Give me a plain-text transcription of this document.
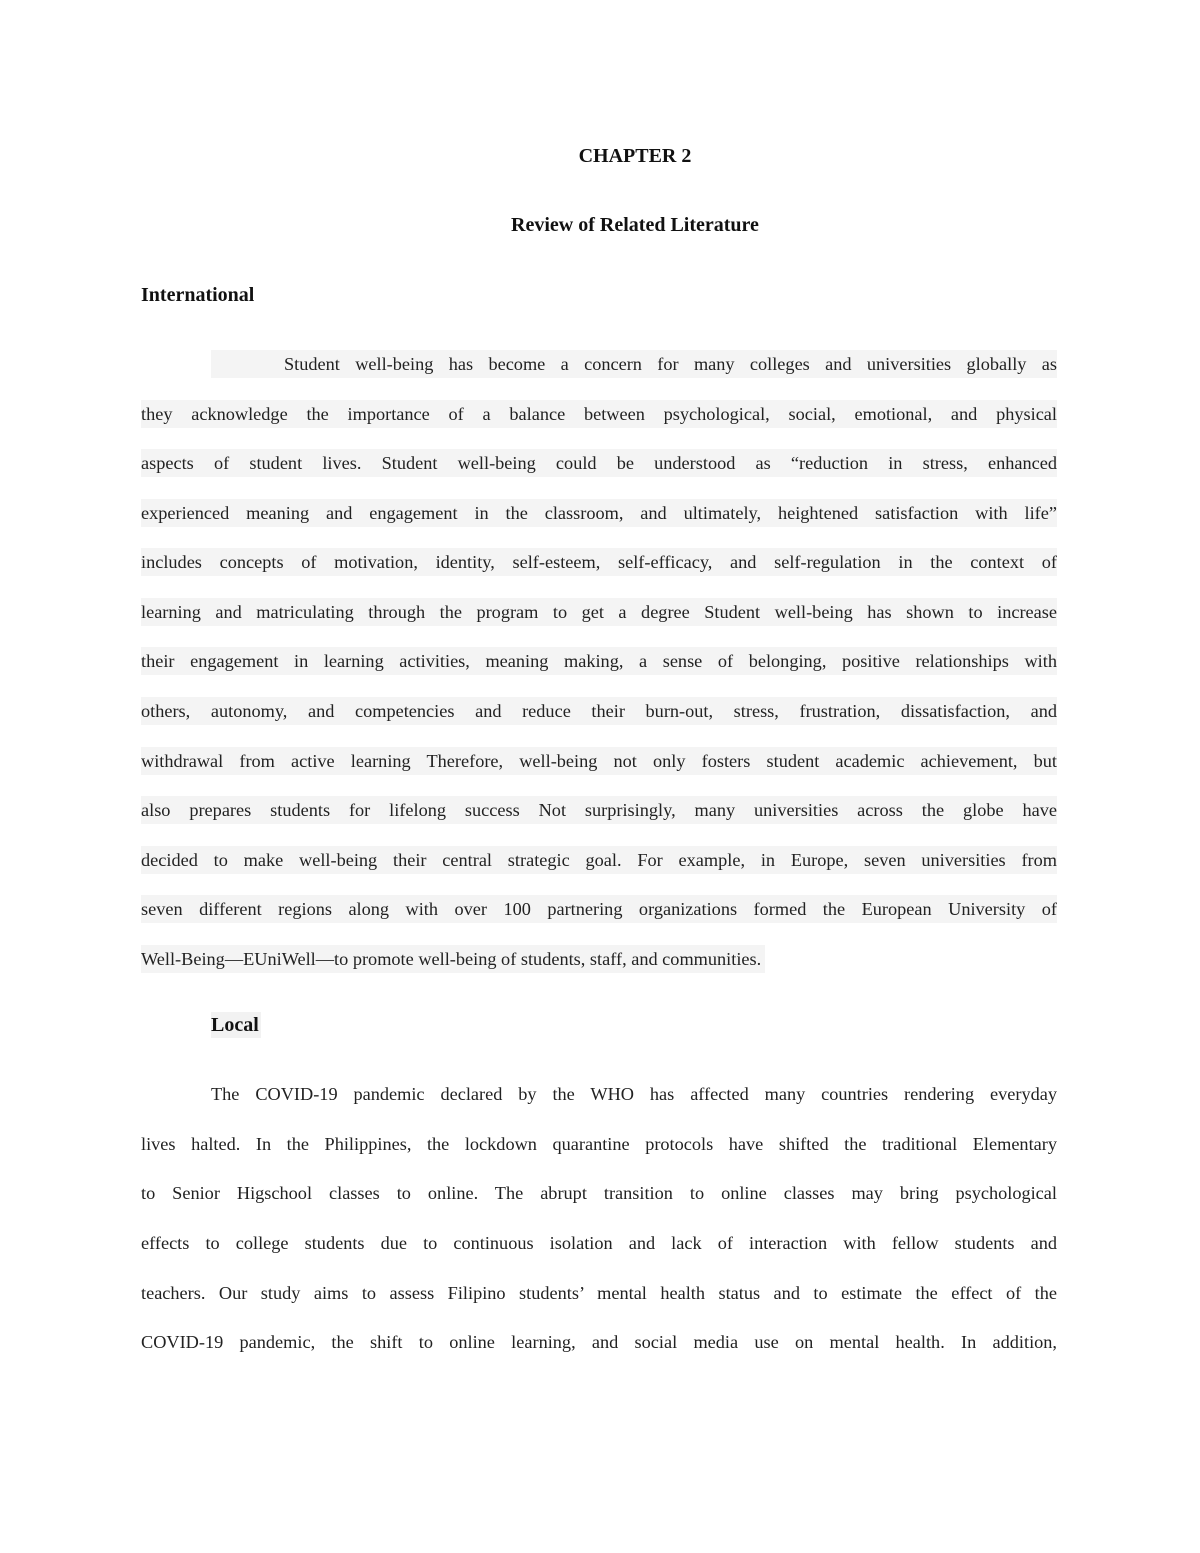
CHAPTER 2
Review of Related Literature
International
Student well-being has become a concern for many colleges and universities globally as
they acknowledge the importance of a balance between psychological, social, emotional, and physical
aspects of student lives. Student well-being could be understood as “reduction in stress, enhanced
experienced meaning and engagement in the classroom, and ultimately, heightened satisfaction with life”
includes concepts of motivation, identity, self-esteem, self-efficacy, and self-regulation in the context of
learning and matriculating through the program to get a degree Student well-being has shown to increase
their engagement in learning activities, meaning making, a sense of belonging, positive relationships with
others, autonomy, and competencies and reduce their burn-out, stress, frustration, dissatisfaction, and
withdrawal from active learning Therefore, well-being not only fosters student academic achievement, but
also prepares students for lifelong success Not surprisingly, many universities across the globe have
decided to make well-being their central strategic goal. For example, in Europe, seven universities from
seven different regions along with over 100 partnering organizations formed the European University of
Well-Being—EUniWell—to promote well-being of students, staff, and communities.
Local
The COVID-19 pandemic declared by the WHO has affected many countries rendering everyday
lives halted. In the Philippines, the lockdown quarantine protocols have shifted the traditional Elementary
to Senior Higschool classes to online. The abrupt transition to online classes may bring psychological
effects to college students due to continuous isolation and lack of interaction with fellow students and
teachers. Our study aims to assess Filipino students’ mental health status and to estimate the effect of the
COVID-19 pandemic, the shift to online learning, and social media use on mental health. In addition,
